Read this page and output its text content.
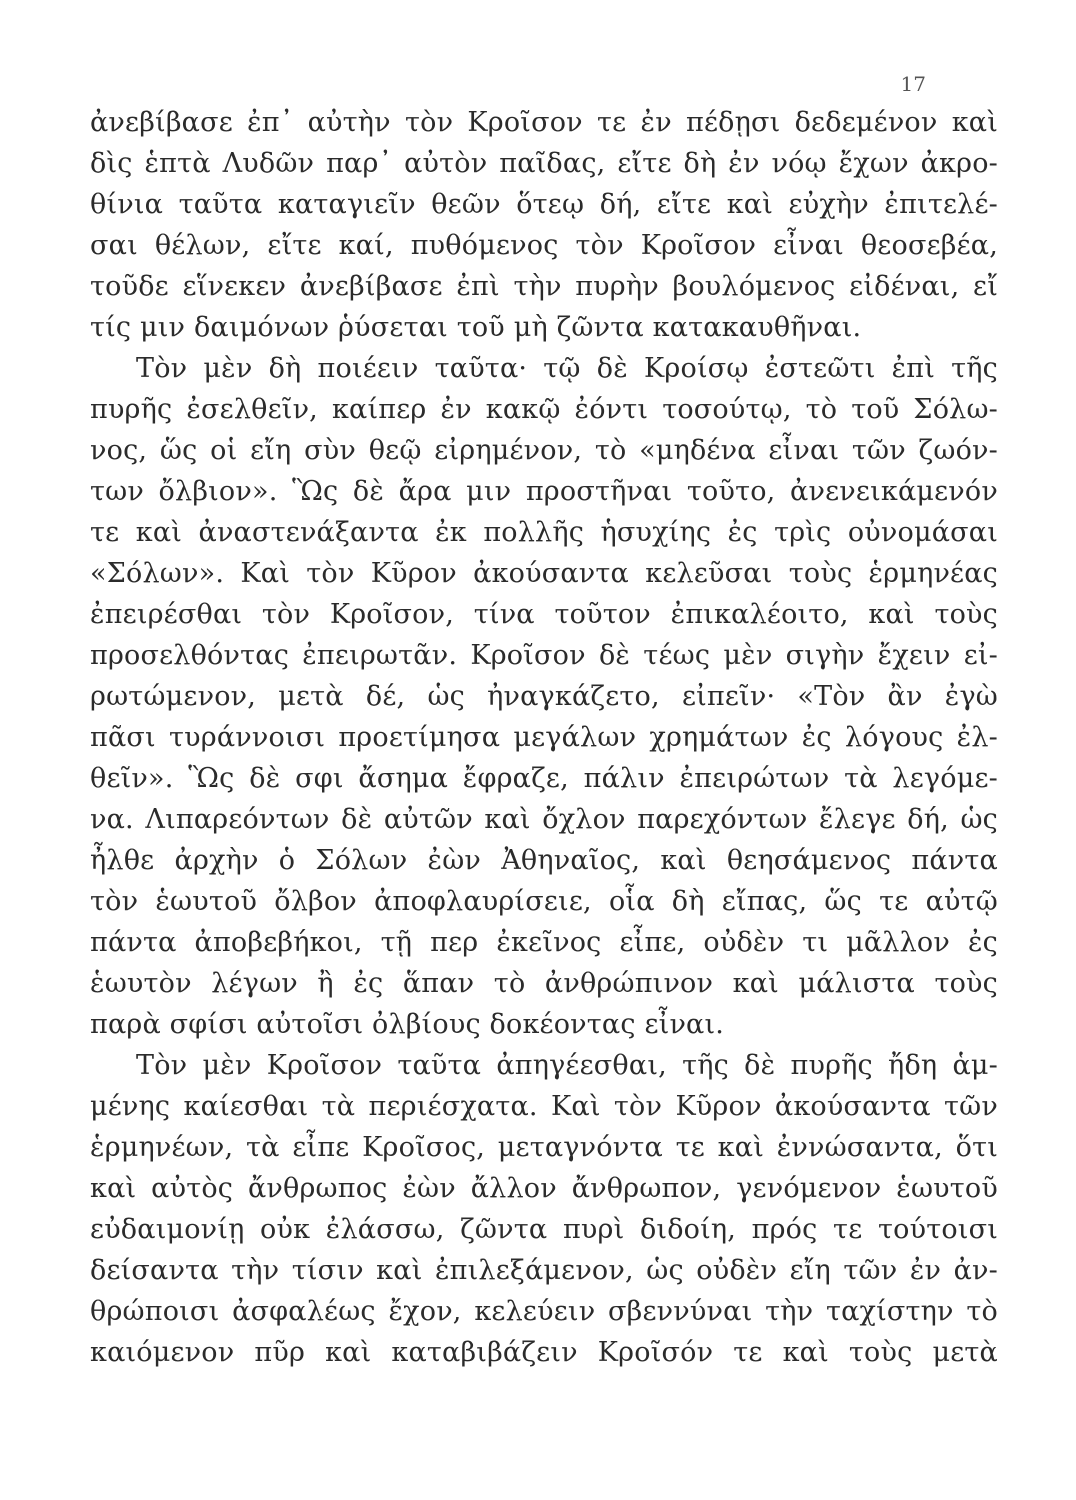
17
ἀνεβίβασε ἐπ᾽ αὐτὴν τὸν Κροῖσον τε ἐν πέδῃσι δεδεμένον καὶ
δὶς ἑπτὰ Λυδῶν παρ᾽ αὐτὸν παῖδας, εἴτε δὴ ἐν νόῳ ἔχων ἀκρο-
θίνια ταῦτα καταγιεῖν θεῶν ὅτεῳ δή, εἴτε καὶ εὐχὴν ἐπιτελέ-
σαι θέλων, εἴτε καί, πυθόμενος τὸν Κροῖσον εἶναι θεοσεβέα,
τοῦδε εἵνεκεν ἀνεβίβασε ἐπὶ τὴν πυρὴν βουλόμενος εἰδέναι, εἴ
τίς μιν δαιμόνων ῥύσεται τοῦ μὴ ζῶντα κατακαυθῆναι.
Τὸν μὲν δὴ ποιέειν ταῦτα· τῷ δὲ Κροίσῳ ἐστεῶτι ἐπὶ τῆς
πυρῆς ἐσελθεῖν, καίπερ ἐν κακῷ ἐόντι τοσούτῳ, τὸ τοῦ Σόλω-
νος, ὥς οἱ εἴη σὺν θεῷ εἰρημένον, τὸ «μηδένα εἶναι τῶν ζωόν-
των ὄλβιον». Ὣς δὲ ἄρα μιν προστῆναι τοῦτο, ἀνενεικάμενόν
τε καὶ ἀναστενάξαντα ἐκ πολλῆς ἡσυχίης ἐς τρὶς οὐνομάσαι
«Σόλων». Καὶ τὸν Κῦρον ἀκούσαντα κελεῦσαι τοὺς ἑρμηνέας
ἐπειρέσθαι τὸν Κροῖσον, τίνα τοῦτον ἐπικαλέοιτο, καὶ τοὺς
προσελθόντας ἐπειρωτᾶν. Κροῖσον δὲ τέως μὲν σιγὴν ἔχειν εἰ-
ρωτώμενον, μετὰ δέ, ὡς ἠναγκάζετο, εἰπεῖν· «Τὸν ἂν ἐγὼ
πᾶσι τυράννοισι προετίμησα μεγάλων χρημάτων ἐς λόγους ἐλ-
θεῖν». Ὣς δὲ σφι ἄσημα ἔφραζε, πάλιν ἐπειρώτων τὰ λεγόμε-
να. Λιπαρεόντων δὲ αὐτῶν καὶ ὄχλον παρεχόντων ἔλεγε δή, ὡς
ἦλθε ἀρχὴν ὁ Σόλων ἐὼν Ἀθηναῖος, καὶ θεησάμενος πάντα
τὸν ἑωυτοῦ ὄλβον ἀποφλαυρίσειε, οἷα δὴ εἴπας, ὥς τε αὐτῷ
πάντα ἀποβεβήκοι, τῇ περ ἐκεῖνος εἶπε, οὐδὲν τι μᾶλλον ἐς
ἑωυτὸν λέγων ἢ ἐς ἅπαν τὸ ἀνθρώπινον καὶ μάλιστα τοὺς
παρὰ σφίσι αὐτοῖσι ὀλβίους δοκέοντας εἶναι.
Τὸν μὲν Κροῖσον ταῦτα ἀπηγέεσθαι, τῆς δὲ πυρῆς ἤδη ἁμ-
μένης καίεσθαι τὰ περιέσχατα. Καὶ τὸν Κῦρον ἀκούσαντα τῶν
ἑρμηνέων, τὰ εἶπε Κροῖσος, μεταγνόντα τε καὶ ἐννώσαντα, ὅτι
καὶ αὐτὸς ἄνθρωπος ἐὼν ἄλλον ἄνθρωπον, γενόμενον ἑωυτοῦ
εὐδαιμονίῃ οὐκ ἐλάσσω, ζῶντα πυρὶ διδοίη, πρός τε τούτοισι
δείσαντα τὴν τίσιν καὶ ἐπιλεξάμενον, ὡς οὐδὲν εἴη τῶν ἐν ἀν-
θρώποισι ἀσφαλέως ἔχον, κελεύειν σβεννύναι τὴν ταχίστην τὸ
καιόμενον πῦρ καὶ καταβιβάζειν Κροῖσόν τε καὶ τοὺς μετὰ
